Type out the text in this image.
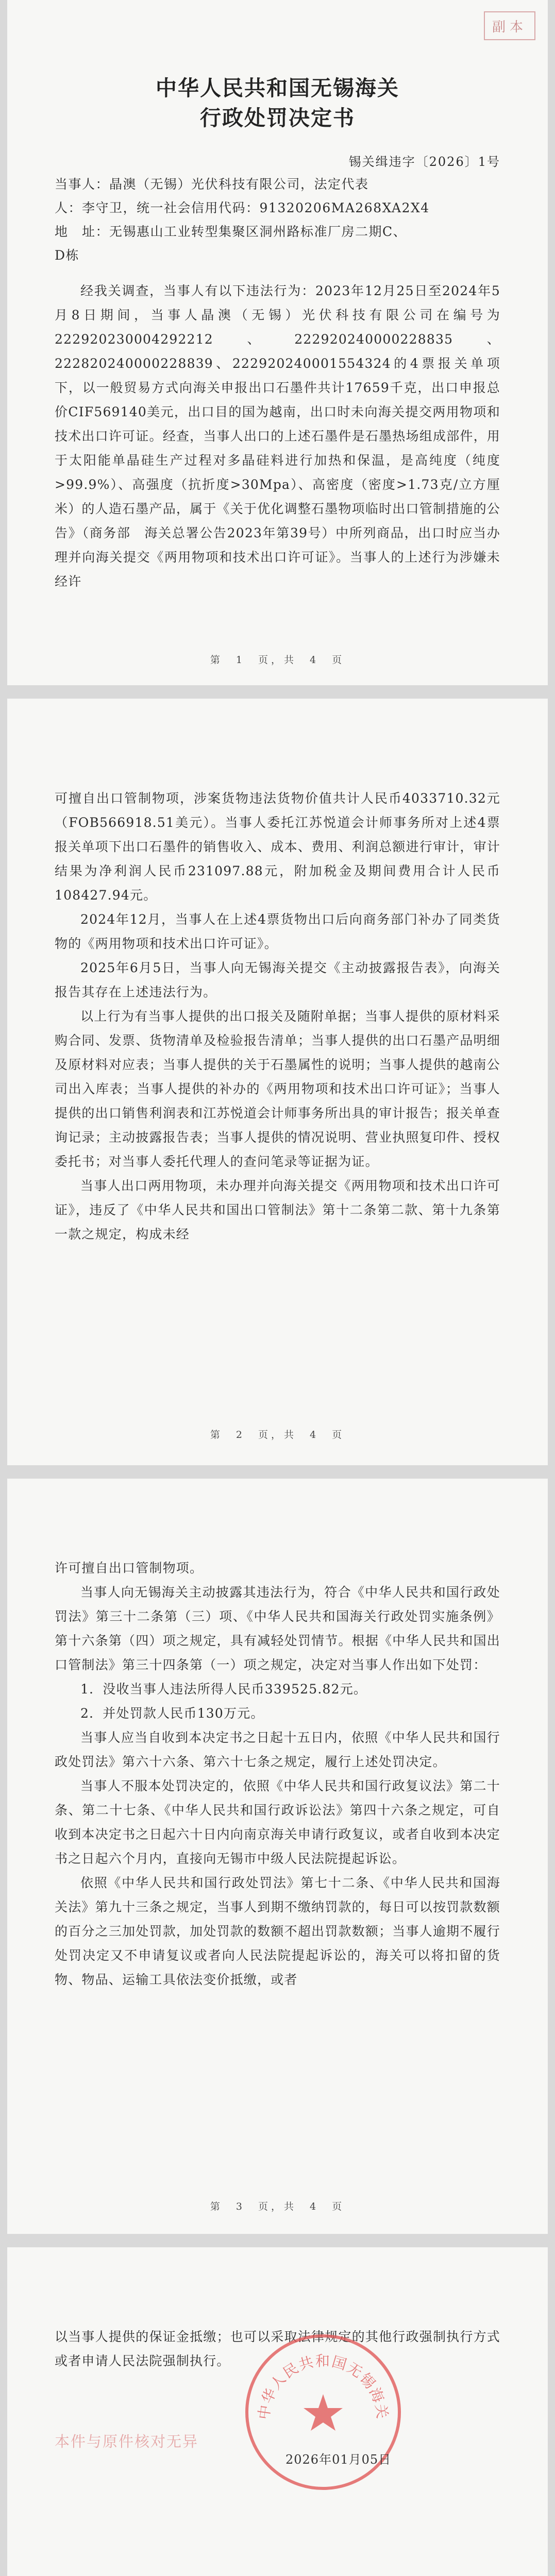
副本
中华人民共和国无锡海关
行政处罚决定书
锡关缉违字〔2026〕1号

当事人：晶澳（无锡）光伏科技有限公司，法定代表

人：李守卫，统一社会信用代码：91320206MA268XA2X4

地　址：无锡惠山工业转型集聚区洞州路标准厂房二期C、

D栋

经我关调查，当事人有以下违法行为：2023年12月25日至2024年5月8日期间，当事人晶澳（无锡）光伏科技有限公司在编号为222920230004292212、222920240000228835、222820240000228839、222920240001554324的4票报关单项下，以一般贸易方式向海关申报出口石墨件共计17659千克，出口申报总价CIF569140美元，出口目的国为越南，出口时未向海关提交两用物项和技术出口许可证。经查，当事人出口的上述石墨件是石墨热场组成部件，用于太阳能单晶硅生产过程对多晶硅料进行加热和保温，是高纯度（纯度>99.9%）、高强度（抗折度>30Mpa）、高密度（密度>1.73克/立方厘米）的人造石墨产品，属于《关于优化调整石墨物项临时出口管制措施的公告》（商务部　海关总署公告2023年第39号）中所列商品，出口时应当办理并向海关提交《两用物项和技术出口许可证》。当事人的上述行为涉嫌未经许

第　1　页，共　4　页

可擅自出口管制物项，涉案货物违法货物价值共计人民币4033710.32元（FOB566918.51美元）。当事人委托江苏悦道会计师事务所对上述4票报关单项下出口石墨件的销售收入、成本、费用、利润总额进行审计，审计结果为净利润人民币231097.88元，附加税金及期间费用合计人民币108427.94元。

2024年12月，当事人在上述4票货物出口后向商务部门补办了同类货物的《两用物项和技术出口许可证》。

2025年6月5日，当事人向无锡海关提交《主动披露报告表》，向海关报告其存在上述违法行为。

以上行为有当事人提供的出口报关及随附单据；当事人提供的原材料采购合同、发票、货物清单及检验报告清单；当事人提供的出口石墨产品明细及原材料对应表；当事人提供的关于石墨属性的说明；当事人提供的越南公司出入库表；当事人提供的补办的《两用物项和技术出口许可证》；当事人提供的出口销售利润表和江苏悦道会计师事务所出具的审计报告；报关单查询记录；主动披露报告表；当事人提供的情况说明、营业执照复印件、授权委托书；对当事人委托代理人的查问笔录等证据为证。

当事人出口两用物项，未办理并向海关提交《两用物项和技术出口许可证》，违反了《中华人民共和国出口管制法》第十二条第二款、第十九条第一款之规定，构成未经

第　2　页，共　4　页

许可擅自出口管制物项。

当事人向无锡海关主动披露其违法行为，符合《中华人民共和国行政处罚法》第三十二条第（三）项、《中华人民共和国海关行政处罚实施条例》第十六条第（四）项之规定，具有减轻处罚情节。根据《中华人民共和国出口管制法》第三十四条第（一）项之规定，决定对当事人作出如下处罚：

1．没收当事人违法所得人民币339525.82元。

2．并处罚款人民币130万元。

当事人应当自收到本决定书之日起十五日内，依照《中华人民共和国行政处罚法》第六十六条、第六十七条之规定，履行上述处罚决定。

当事人不服本处罚决定的，依照《中华人民共和国行政复议法》第二十条、第二十七条、《中华人民共和国行政诉讼法》第四十六条之规定，可自收到本决定书之日起六十日内向南京海关申请行政复议，或者自收到本决定书之日起六个月内，直接向无锡市中级人民法院提起诉讼。

依照《中华人民共和国行政处罚法》第七十二条、《中华人民共和国海关法》第九十三条之规定，当事人到期不缴纳罚款的，每日可以按罚款数额的百分之三加处罚款，加处罚款的数额不超出罚款数额；当事人逾期不履行处罚决定又不申请复议或者向人民法院提起诉讼的，海关可以将扣留的货物、物品、运输工具依法变价抵缴，或者

第　3　页，共　4　页

以当事人提供的保证金抵缴；也可以采取法律规定的其他行政强制执行方式或者申请人民法院强制执行。

本件与原件核对无异
中华人民共和国无锡海关
2026年01月05日
